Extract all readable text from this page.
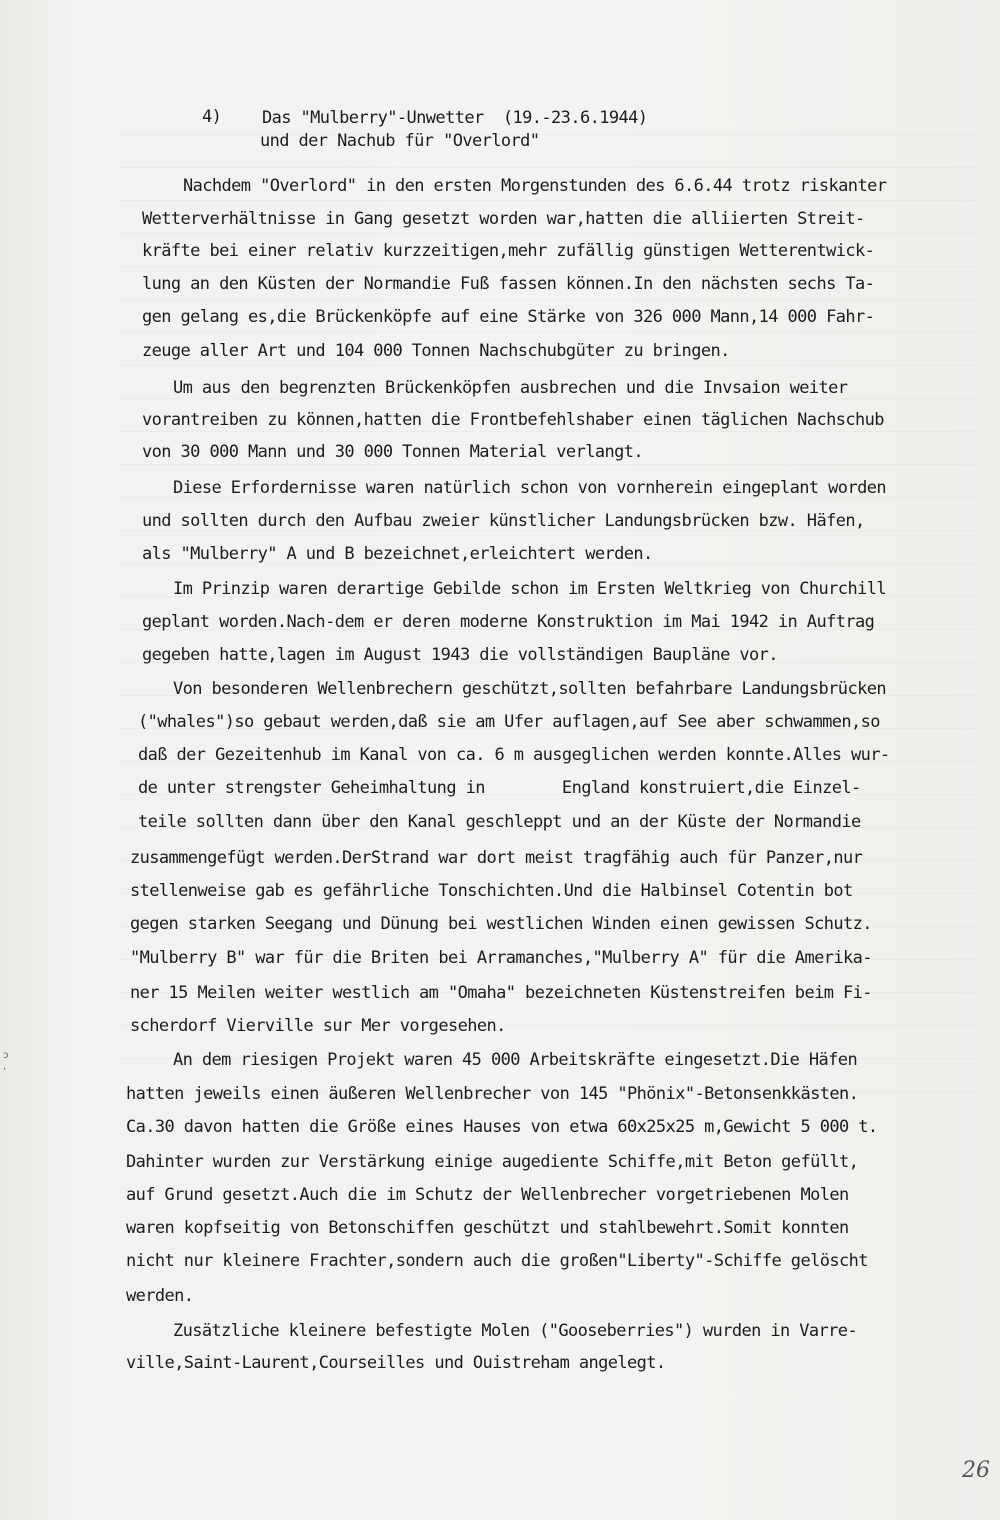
4) Das "Mulberry"-Unwetter  (19.-23.6.1944)
und der Nachub für "Overlord"
Nachdem "Overlord" in den ersten Morgenstunden des 6.6.44 trotz riskanter
Wetterverhältnisse in Gang gesetzt worden war,hatten die alliierten Streit-
kräfte bei einer relativ kurzzeitigen,mehr zufällig günstigen Wetterentwick-
lung an den Küsten der Normandie Fuß fassen können.In den nächsten sechs Ta-
gen gelang es,die Brückenköpfe auf eine Stärke von 326 000 Mann,14 000 Fahr-
zeuge aller Art und 104 000 Tonnen Nachschubgüter zu bringen.
Um aus den begrenzten Brückenköpfen ausbrechen und die Invsaion weiter
vorantreiben zu können,hatten die Frontbefehlshaber einen täglichen Nachschub
von 30 000 Mann und 30 000 Tonnen Material verlangt.
Diese Erfordernisse waren natürlich schon von vornherein eingeplant worden
und sollten durch den Aufbau zweier künstlicher Landungsbrücken bzw. Häfen,
als "Mulberry" A und B bezeichnet,erleichtert werden.
Im Prinzip waren derartige Gebilde schon im Ersten Weltkrieg von Churchill
geplant worden.Nach-dem er deren moderne Konstruktion im Mai 1942 in Auftrag
gegeben hatte,lagen im August 1943 die vollständigen Baupläne vor.
Von besonderen Wellenbrechern geschützt,sollten befahrbare Landungsbrücken
("whales")so gebaut werden,daß sie am Ufer auflagen,auf See aber schwammen,so
daß der Gezeitenhub im Kanal von ca. 6 m ausgeglichen werden konnte.Alles wur-
de unter strengster Geheimhaltung in        England konstruiert,die Einzel-
teile sollten dann über den Kanal geschleppt und an der Küste der Normandie
zusammengefügt werden.DerStrand war dort meist tragfähig auch für Panzer,nur
stellenweise gab es gefährliche Tonschichten.Und die Halbinsel Cotentin bot
gegen starken Seegang und Dünung bei westlichen Winden einen gewissen Schutz.
"Mulberry B" war für die Briten bei Arramanches,"Mulberry A" für die Amerika-
ner 15 Meilen weiter westlich am "Omaha" bezeichneten Küstenstreifen beim Fi-
scherdorf Vierville sur Mer vorgesehen.
An dem riesigen Projekt waren 45 000 Arbeitskräfte eingesetzt.Die Häfen
hatten jeweils einen äußeren Wellenbrecher von 145 "Phönix"-Betonsenkkästen.
Ca.30 davon hatten die Größe eines Hauses von etwa 60x25x25 m,Gewicht 5 000 t.
Dahinter wurden zur Verstärkung einige augediente Schiffe,mit Beton gefüllt,
auf Grund gesetzt.Auch die im Schutz der Wellenbrecher vorgetriebenen Molen
waren kopfseitig von Betonschiffen geschützt und stahlbewehrt.Somit konnten
nicht nur kleinere Frachter,sondern auch die großen"Liberty"-Schiffe gelöscht
werden.
Zusätzliche kleinere befestigte Molen ("Gooseberries") wurden in Varre-
ville,Saint-Laurent,Courseilles und Ouistreham angelegt.
ɔ
‚
26
